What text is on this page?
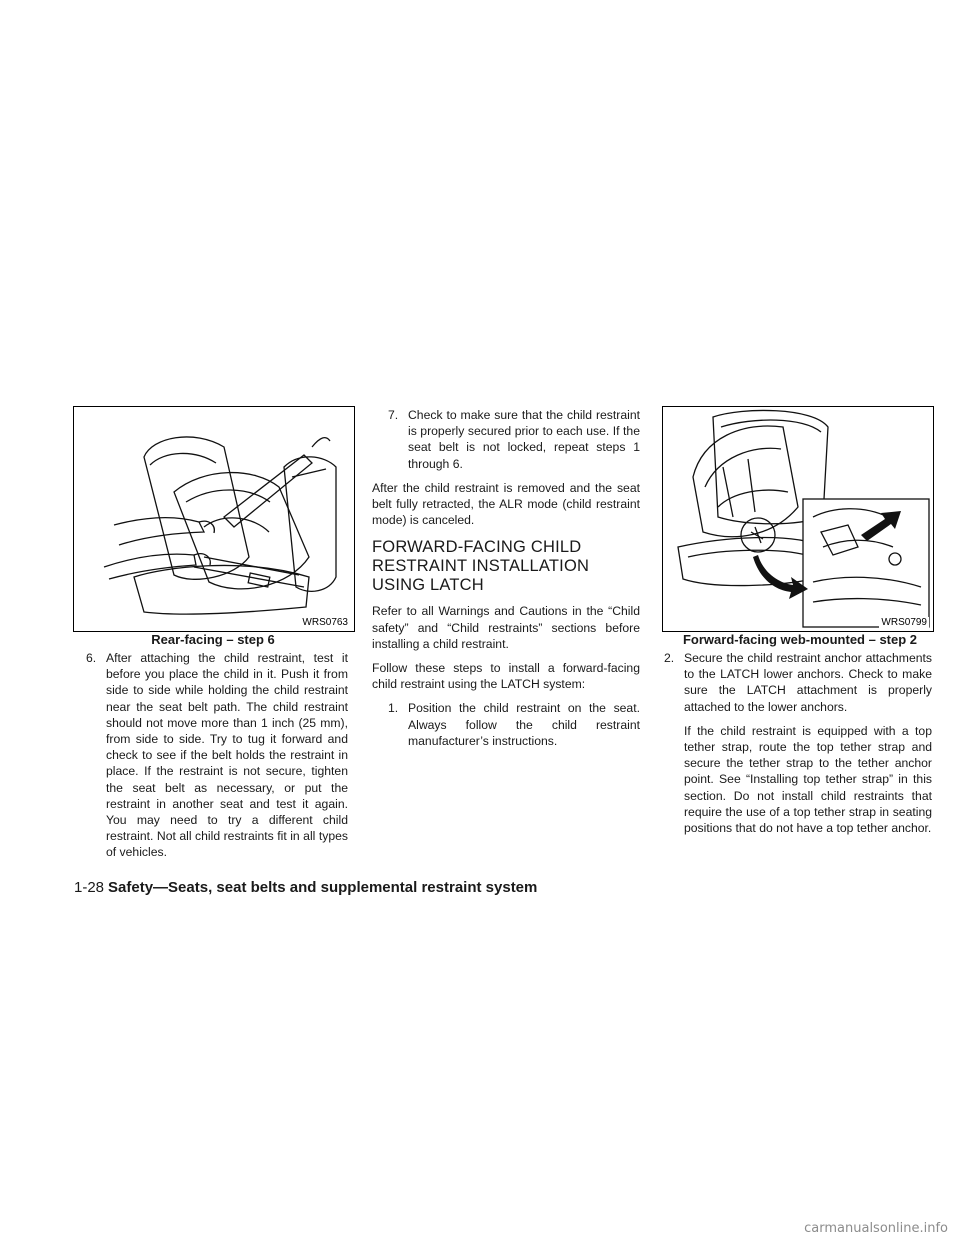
WRS0763
Rear-facing – step 6
WRS0799
Forward-facing web-mounted – step 2
6. After attaching the child restraint, test it before you place the child in it. Push it from side to side while holding the child restraint near the seat belt path. The child restraint should not move more than 1 inch (25 mm), from side to side. Try to tug it forward and check to see if the belt holds the restraint in place. If the restraint is not secure, tighten the seat belt as necessary, or put the restraint in another seat and test it again. You may need to try a different child restraint. Not all child restraints fit in all types of vehicles.
7. Check to make sure that the child restraint is properly secured prior to each use. If the seat belt is not locked, repeat steps 1 through 6.
After the child restraint is removed and the seat belt fully retracted, the ALR mode (child restraint mode) is canceled.
FORWARD-FACING CHILD RESTRAINT INSTALLATION USING LATCH
Refer to all Warnings and Cautions in the “Child safety” and “Child restraints” sections before installing a child restraint.
Follow these steps to install a forward-facing child restraint using the LATCH system:
1. Position the child restraint on the seat. Always follow the child restraint manufacturer’s instructions.
2. Secure the child restraint anchor attachments to the LATCH lower anchors. Check to make sure the LATCH attachment is properly attached to the lower anchors.
If the child restraint is equipped with a top tether strap, route the top tether strap and secure the tether strap to the tether anchor point. See “Installing top tether strap” in this section. Do not install child restraints that require the use of a top tether strap in seating positions that do not have a top tether anchor.
1-28 Safety—Seats, seat belts and supplemental restraint system
carmanualsonline.info
